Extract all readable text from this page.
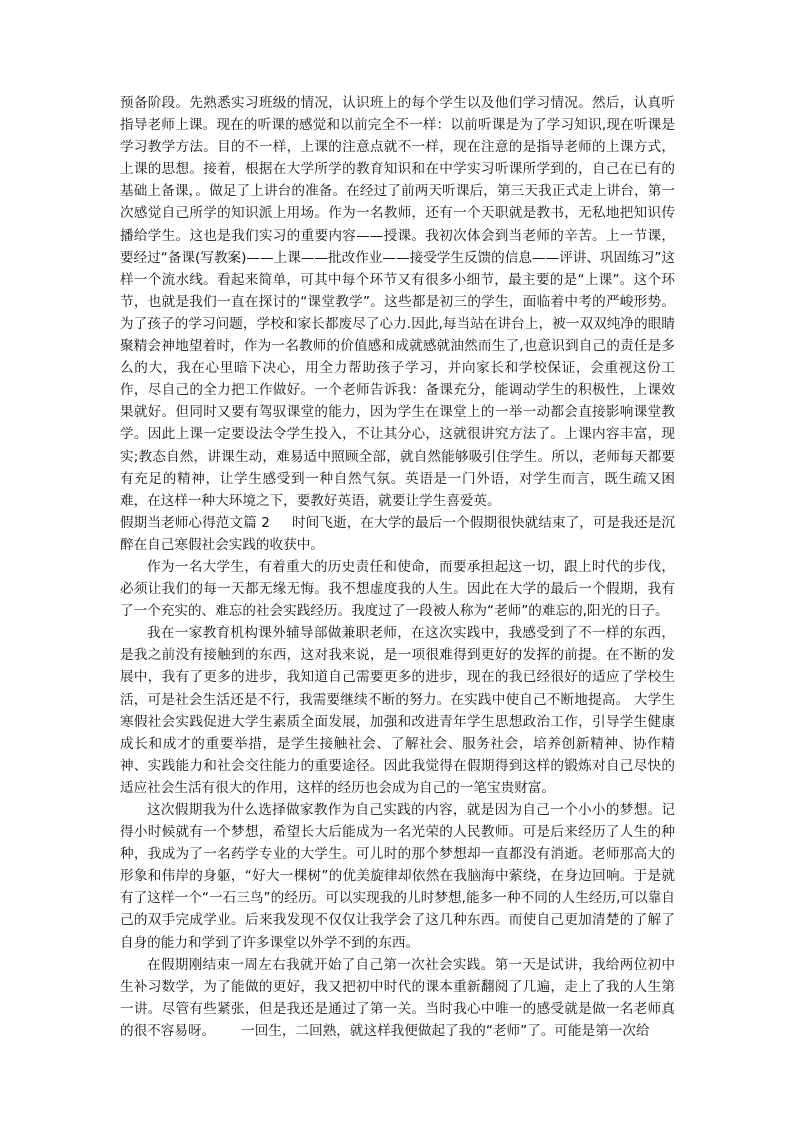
预备阶段。先熟悉实习班级的情况，认识班上的每个学生以及他们学习情况。然后，认真听指导老师上课。现在的听课的感觉和以前完全不一样：以前听课是为了学习知识,现在听课是学习教学方法。目的不一样，上课的注意点就不一样，现在注意的是指导老师的上课方式，上课的思想。接着，根据在大学所学的教育知识和在中学实习听课所学到的，自己在已有的基础上备课，。做足了上讲台的准备。在经过了前两天听课后，第三天我正式走上讲台，第一次感觉自己所学的知识派上用场。作为一名教师，还有一个天职就是教书，无私地把知识传播给学生。这也是我们实习的重要内容——授课。我初次体会到当老师的辛苦。上一节课，要经过“备课(写教案)——上课——批改作业——接受学生反馈的信息——评讲、巩固练习”这样一个流水线。看起来简单，可其中每个环节又有很多小细节，最主要的是“上课”。这个环节，也就是我们一直在探讨的“课堂教学”。这些都是初三的学生，面临着中考的严峻形势。为了孩子的学习问题，学校和家长都废尽了心力.因此,每当站在讲台上，被一双双纯净的眼睛聚精会神地望着时，作为一名教师的价值感和成就感就油然而生了,也意识到自己的责任是多么的大，我在心里暗下决心，用全力帮助孩子学习，并向家长和学校保证，会重视这份工作，尽自己的全力把工作做好。一个老师告诉我：备课充分，能调动学生的积极性，上课效果就好。但同时又要有驾驭课堂的能力，因为学生在课堂上的一举一动都会直接影响课堂教学。因此上课一定要设法令学生投入，不让其分心，这就很讲究方法了。上课内容丰富，现实;教态自然，讲课生动，难易适中照顾全部，就自然能够吸引住学生。所以，老师每天都要有充足的精神，让学生感受到一种自然气氛。英语是一门外语，对学生而言，既生疏又困难，在这样一种大环境之下，要教好英语，就要让学生喜爱英。

假期当老师心得范文篇 2 时间飞逝，在大学的最后一个假期很快就结束了，可是我还是沉醉在自己寒假社会实践的收获中。

作为一名大学生，有着重大的历史责任和使命，而要承担起这一切，跟上时代的步伐，必须让我们的每一天都无缘无悔。我不想虚度我的人生。因此在大学的最后一个假期，我有了一个充实的、难忘的社会实践经历。我度过了一段被人称为“老师”的难忘的,阳光的日子。

我在一家教育机构课外辅导部做兼职老师，在这次实践中，我感受到了不一样的东西，是我之前没有接触到的东西，这对我来说，是一项很难得到更好的发挥的前提。在不断的发展中，我有了更多的进步，我知道自己需要更多的进步，现在的我已经很好的适应了学校生活，可是社会生活还是不行，我需要继续不断的努力。在实践中使自己不断地提高。 大学生寒假社会实践促进大学生素质全面发展，加强和改进青年学生思想政治工作，引导学生健康成长和成才的重要举措，是学生接触社会、了解社会、服务社会，培养创新精神、协作精神、实践能力和社会交往能力的重要途径。因此我觉得在假期得到这样的锻炼对自己尽快的适应社会生活有很大的作用，这样的经历也会成为自己的一笔宝贵财富。

这次假期我为什么选择做家教作为自己实践的内容，就是因为自己一个小小的梦想。记得小时候就有一个梦想，希望长大后能成为一名光荣的人民教师。可是后来经历了人生的种种，我成为了一名药学专业的大学生。可儿时的那个梦想却一直都没有消逝。老师那高大的形象和伟岸的身躯，“好大一棵树”的优美旋律却依然在我脑海中萦绕，在身边回响。于是就有了这样一个“一石三鸟”的经历。可以实现我的儿时梦想,能多一种不同的人生经历,可以靠自己的双手完成学业。后来我发现不仅仅让我学会了这几种东西。而使自己更加清楚的了解了自身的能力和学到了许多课堂以外学不到的东西。

在假期刚结束一周左右我就开始了自己第一次社会实践。第一天是试讲，我给两位初中生补习数学，为了能做的更好，我又把初中时代的课本重新翻阅了几遍，走上了我的人生第一讲。尽管有些紧张，但是我还是通过了第一关。当时我心中唯一的感受就是做一名老师真的很不容易呀。 一回生，二回熟，就这样我便做起了我的“老师”了。可能是第一次给
